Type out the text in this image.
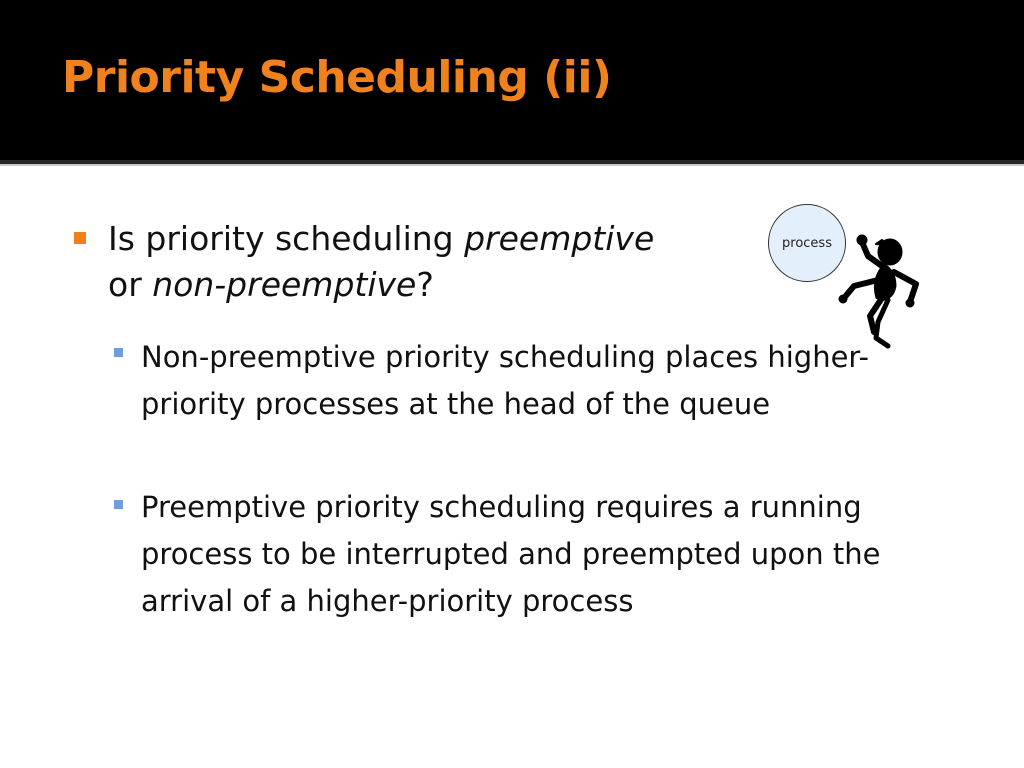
Priority Scheduling (ii)
Is priority scheduling preemptive
or non-preemptive?
Non-preemptive priority scheduling places higher-priority processes at the head of the queue
Preemptive priority scheduling requires a running process to be interrupted and preempted upon the arrival of a higher-priority process
process
